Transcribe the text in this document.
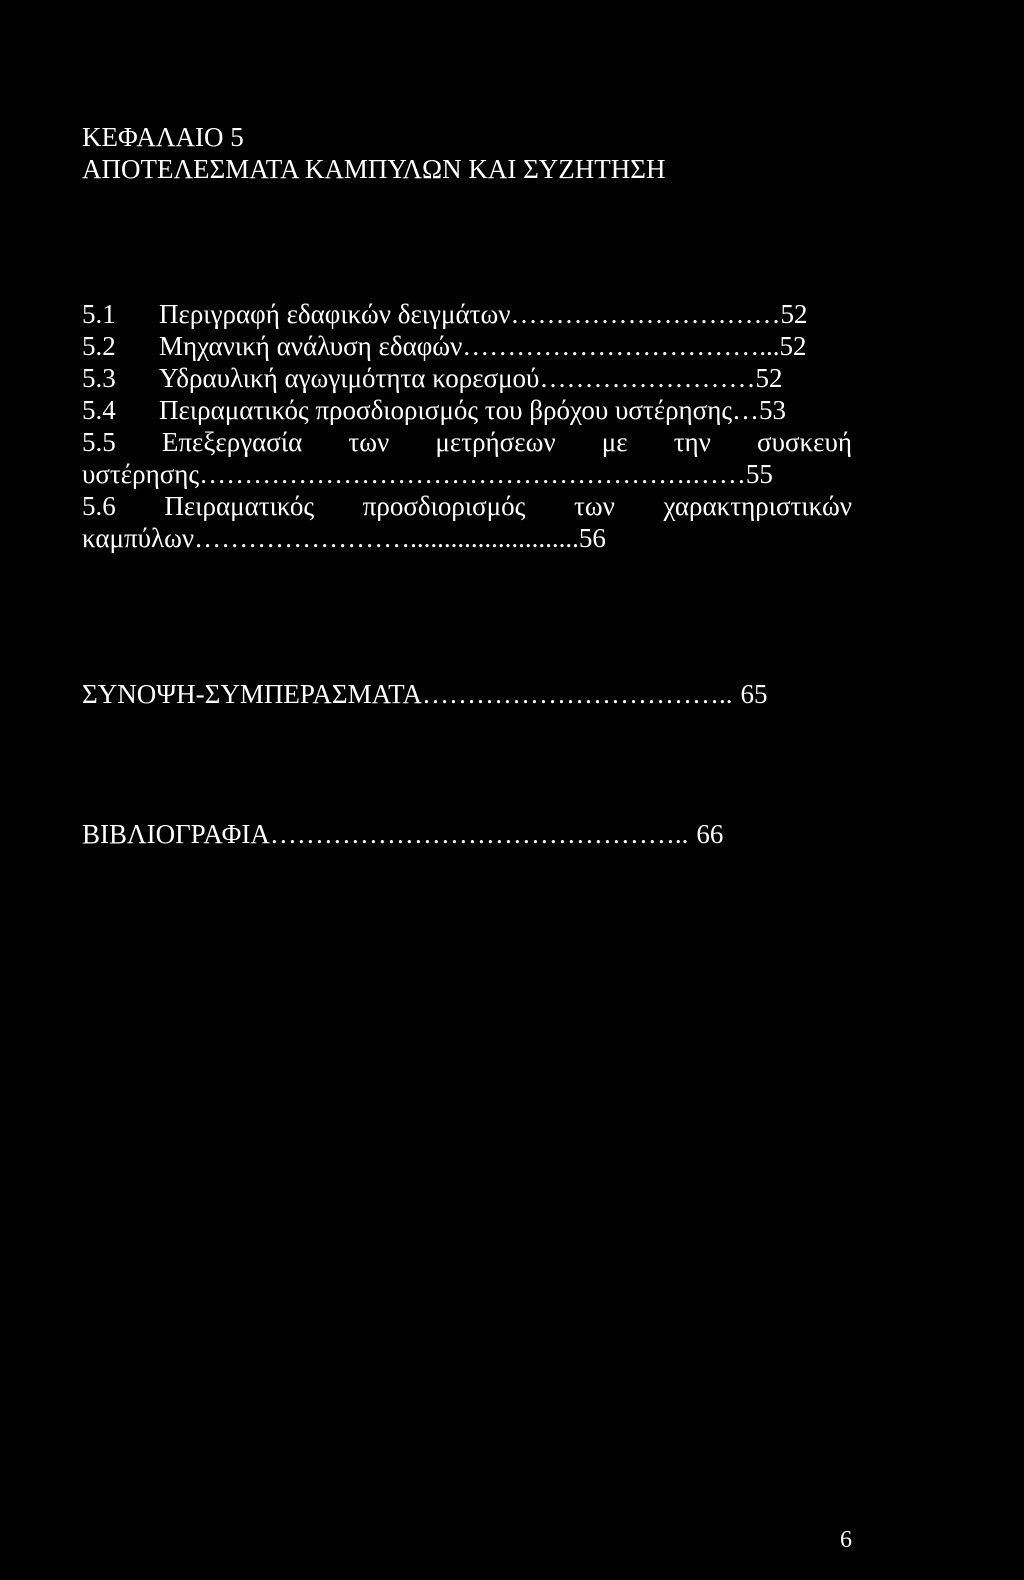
ΚΕΦΑΛΑΙΟ 5
ΑΠΟΤΕΛΕΣΜΑΤΑ ΚΑΜΠΥΛΩΝ ΚΑΙ ΣΥΖΗΤΗΣΗ
5.1	Περιγραφή εδαφικών δειγμάτων …………………………52
5.2	Μηχανική ανάλυση εδαφών ……………………………...52
5.3	Υδραυλική αγωγιμότητα κορεσμού ……………………52
5.4	Πειραματικός προσδιορισμός του βρόχου υστέρησης …53
5.5 Επεξεργασία των μετρήσεων με την συσκευή
υστέρησης ……………………………………………….……55
5.6 Πειραματικός προσδιορισμός των χαρακτηριστικών
καμπύλων …………………….........................56
ΣΥΝΟΨΗ-ΣΥΜΠΕΡΑΣΜΑΤΑ …………………………….. 65
ΒΙΒΛΙΟΓΡΑΦΙΑ ……………………………………….. 66
6
